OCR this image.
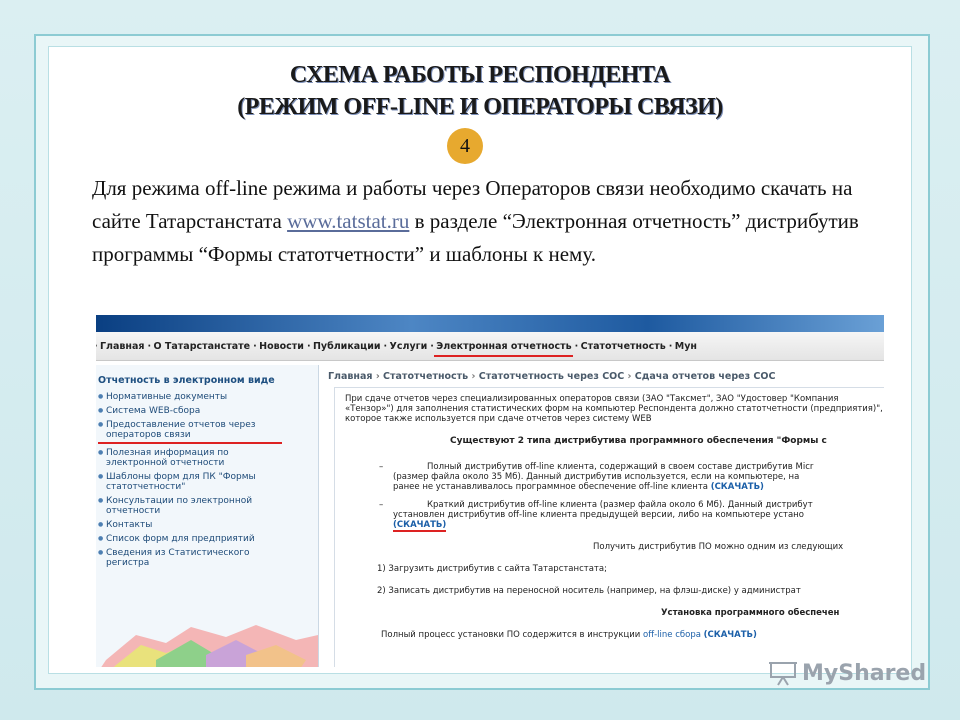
СХЕМА РАБОТЫ РЕСПОНДЕНТА
(РЕЖИМ OFF-LINE И ОПЕРАТОРЫ СВЯЗИ)
4
Для режима off-line режима и работы через Операторов связи необходимо скачать на сайте Татарстанстата www.tatstat.ru в разделе “Электронная отчетность” дистрибутив программы “Формы статотчетности” и шаблоны к нему.
· Главная · О Татарстанстате · Новости · Публикации · Услуги · Электронная отчетность · Статотчетность · Мун
Отчетность в электронном виде
● Нормативные документы
● Система WEB-сбора
● Предоставление отчетов через операторов связи
● Полезная информация по электронной отчетности
● Шаблоны форм для ПК "Формы статотчетности"
● Консультации по электронной отчетности
● Контакты
● Список форм для предприятий
● Сведения из Статистического регистра
Главная › Статотчетность › Статотчетность через СОС › Сдача отчетов через СОС
При сдаче отчетов через специализированных операторов связи (ЗАО "Таксмет", ЗАО "Удостовер "Компания «Тензор»") для заполнения статистических форм на компьютер Респондента должно статотчетности (предприятия)", которое также используется при сдаче отчетов через систему WEB
Существуют 2 типа дистрибутива программного обеспечения "Формы с
–	Полный дистрибутив off-line клиента, содержащий в своем составе дистрибутив Micr
(размер файла около 35 Мб). Данный дистрибутив используется, если на компьютере, на
ранее не устанавливалось программное обеспечение off-line клиента (СКАЧАТЬ)
–	Краткий дистрибутив off-line клиента (размер файла около 6 Мб). Данный дистрибут
установлен дистрибутив off-line клиента предыдущей версии, либо на компьютере устано
(СКАЧАТЬ)
Получить дистрибутив ПО можно одним из следующих
1) Загрузить дистрибутив с сайта Татарстанстата;
2) Записать дистрибутив на переносной носитель (например, на флэш-диске) у администрат
Установка программного обеспечен
Полный процесс установки ПО содержится в инструкции off-line сбора (СКАЧАТЬ)
MyShared
